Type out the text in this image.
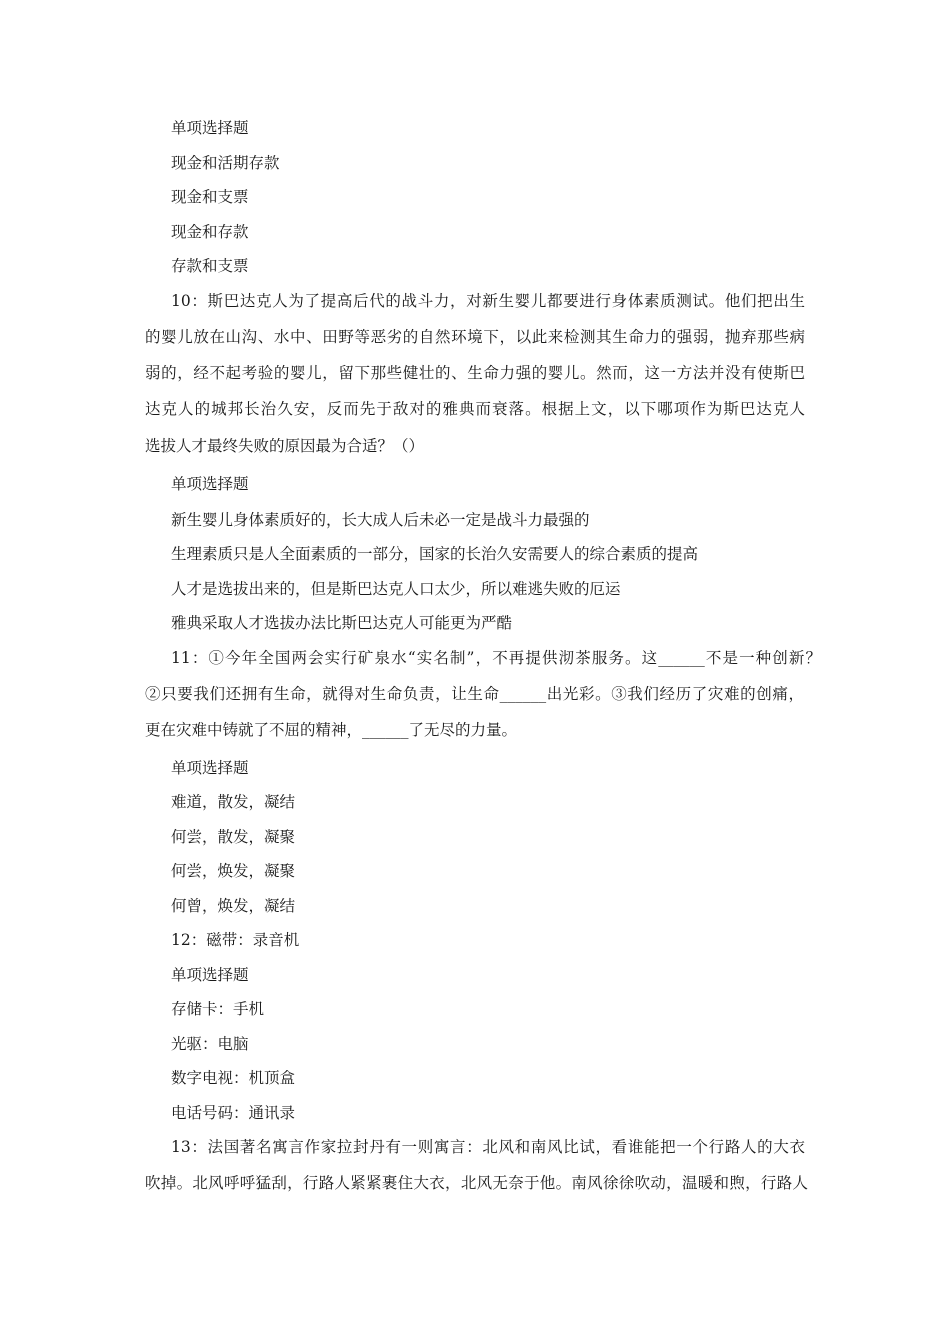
单项选择题
现金和活期存款
现金和支票
现金和存款
存款和支票
10：斯巴达克人为了提高后代的战斗力，对新生婴儿都要进行身体素质测试。他们把出生
的婴儿放在山沟、水中、田野等恶劣的自然环境下，以此来检测其生命力的强弱，抛弃那些病
弱的，经不起考验的婴儿，留下那些健壮的、生命力强的婴儿。然而，这一方法并没有使斯巴
达克人的城邦长治久安，反而先于敌对的雅典而衰落。根据上文，以下哪项作为斯巴达克人
选拔人才最终失败的原因最为合适？（）
单项选择题
新生婴儿身体素质好的，长大成人后未必一定是战斗力最强的
生理素质只是人全面素质的一部分，国家的长治久安需要人的综合素质的提高
人才是选拔出来的，但是斯巴达克人口太少，所以难逃失败的厄运
雅典采取人才选拔办法比斯巴达克人可能更为严酷
11：①今年全国两会实行矿泉水“实名制”，不再提供沏茶服务。这______不是一种创新？
②只要我们还拥有生命，就得对生命负责，让生命______出光彩。③我们经历了灾难的创痛，
更在灾难中铸就了不屈的精神，______了无尽的力量。
单项选择题
难道，散发，凝结
何尝，散发，凝聚
何尝，焕发，凝聚
何曾，焕发，凝结
12：磁带：录音机
单项选择题
存储卡：手机
光驱：电脑
数字电视：机顶盒
电话号码：通讯录
13：法国著名寓言作家拉封丹有一则寓言：北风和南风比试，看谁能把一个行路人的大衣
吹掉。北风呼呼猛刮，行路人紧紧裹住大衣，北风无奈于他。南风徐徐吹动，温暖和煦，行路人
